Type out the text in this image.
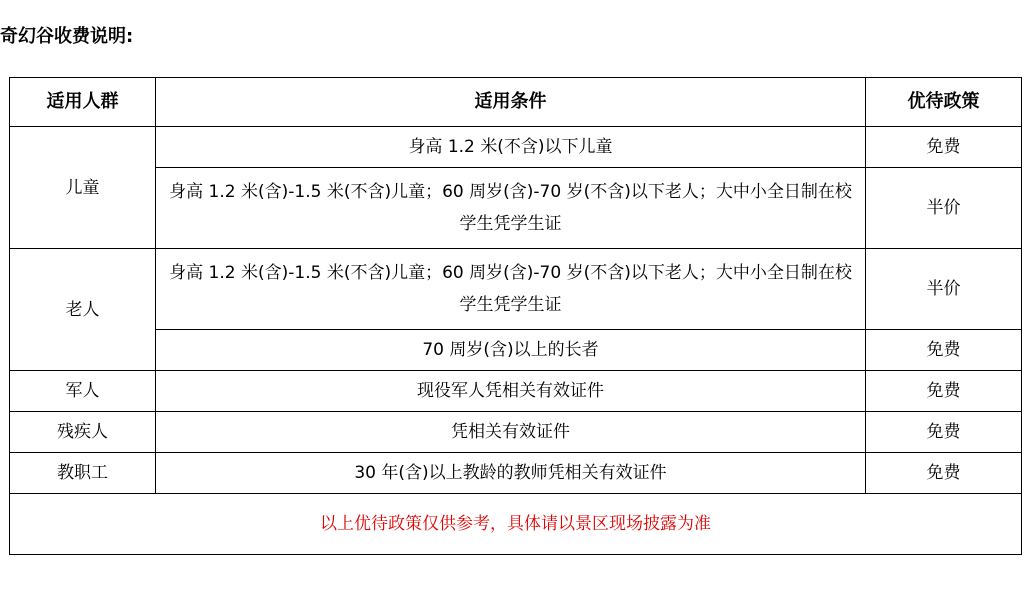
奇幻谷收费说明:
适用人群	适用条件	优待政策
儿童	身高 1.2 米(不含)以下儿童	免费
	身高 1.2 米(含)-1.5 米(不含)儿童；60 周岁(含)-70 岁(不含)以下老人；大中小全日制在校学生凭学生证	半价
老人	身高 1.2 米(含)-1.5 米(不含)儿童；60 周岁(含)-70 岁(不含)以下老人；大中小全日制在校学生凭学生证	半价
	70 周岁(含)以上的长者	免费
军人	现役军人凭相关有效证件	免费
残疾人	凭相关有效证件	免费
教职工	30 年(含)以上教龄的教师凭相关有效证件	免费
以上优待政策仅供参考，具体请以景区现场披露为准		
